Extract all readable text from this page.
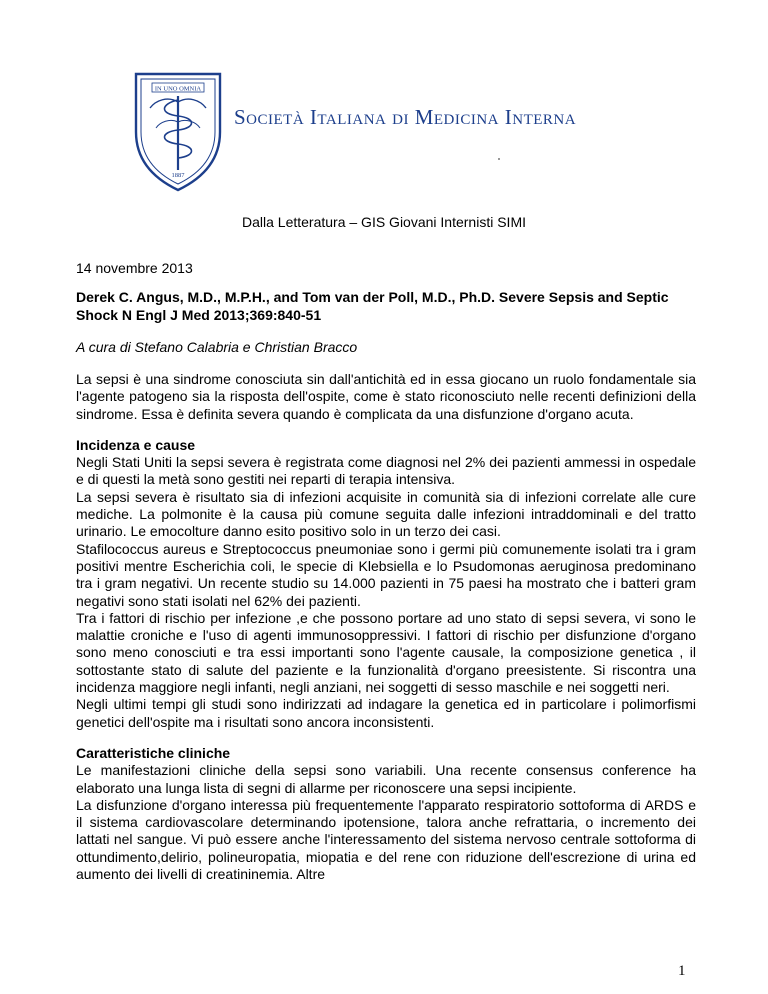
IN UNO OMNIA
1887
Società Italiana di Medicina Interna
Dalla Letteratura – GIS Giovani Internisti SIMI
14 novembre 2013
Derek C. Angus, M.D., M.P.H., and Tom van der Poll, M.D., Ph.D. Severe Sepsis and Septic Shock N Engl J Med 2013;369:840-51
A cura di Stefano Calabria e Christian Bracco

La sepsi è una sindrome conosciuta sin dall'antichità ed in essa giocano un ruolo fondamentale sia l'agente patogeno sia la risposta dell'ospite, come è stato riconosciuto nelle recenti definizioni della sindrome. Essa è definita severa quando è complicata da una disfunzione d'organo acuta.

Incidenza e cause

Negli Stati Uniti la sepsi severa è registrata come diagnosi nel 2% dei pazienti ammessi in ospedale e di questi la metà sono gestiti nei reparti di terapia intensiva.
La sepsi severa è risultato sia di infezioni acquisite in comunità sia di infezioni correlate alle cure mediche. La polmonite è la causa più comune seguita dalle infezioni intraddominali e del tratto urinario. Le emocolture danno esito positivo solo in un terzo dei casi.
Stafilococcus aureus e Streptococcus pneumoniae sono i germi più comunemente isolati tra i gram positivi mentre Escherichia coli, le specie di Klebsiella e lo Psudomonas aeruginosa predominano tra i gram negativi. Un recente studio su 14.000 pazienti in 75 paesi ha mostrato che i batteri gram negativi sono stati isolati nel 62% dei pazienti.
Tra i fattori di rischio per infezione ,e che possono portare ad uno stato di sepsi severa, vi sono le malattie croniche e l'uso di agenti immunosoppressivi. I fattori di rischio per disfunzione d'organo sono meno conosciuti e tra essi importanti sono l'agente causale, la composizione genetica , il sottostante stato di salute del paziente e la funzionalità d'organo preesistente. Si riscontra una incidenza maggiore negli infanti, negli anziani, nei soggetti di sesso maschile e nei soggetti neri.
Negli ultimi tempi gli studi sono indirizzati ad indagare la genetica ed in particolare i polimorfismi genetici dell'ospite ma i risultati sono ancora inconsistenti.

Caratteristiche cliniche

Le manifestazioni cliniche della sepsi sono variabili. Una recente consensus conference ha elaborato una lunga lista di segni di allarme per riconoscere una sepsi incipiente.
La disfunzione d'organo interessa più frequentemente l'apparato respiratorio sottoforma di ARDS e il sistema cardiovascolare determinando ipotensione, talora anche refrattaria, o incremento dei lattati nel sangue. Vi può essere anche l'interessamento del sistema nervoso centrale sottoforma di ottundimento,delirio, polineuropatia, miopatia e del rene con riduzione dell'escrezione di urina ed aumento dei livelli di creatininemia. Altre

1
